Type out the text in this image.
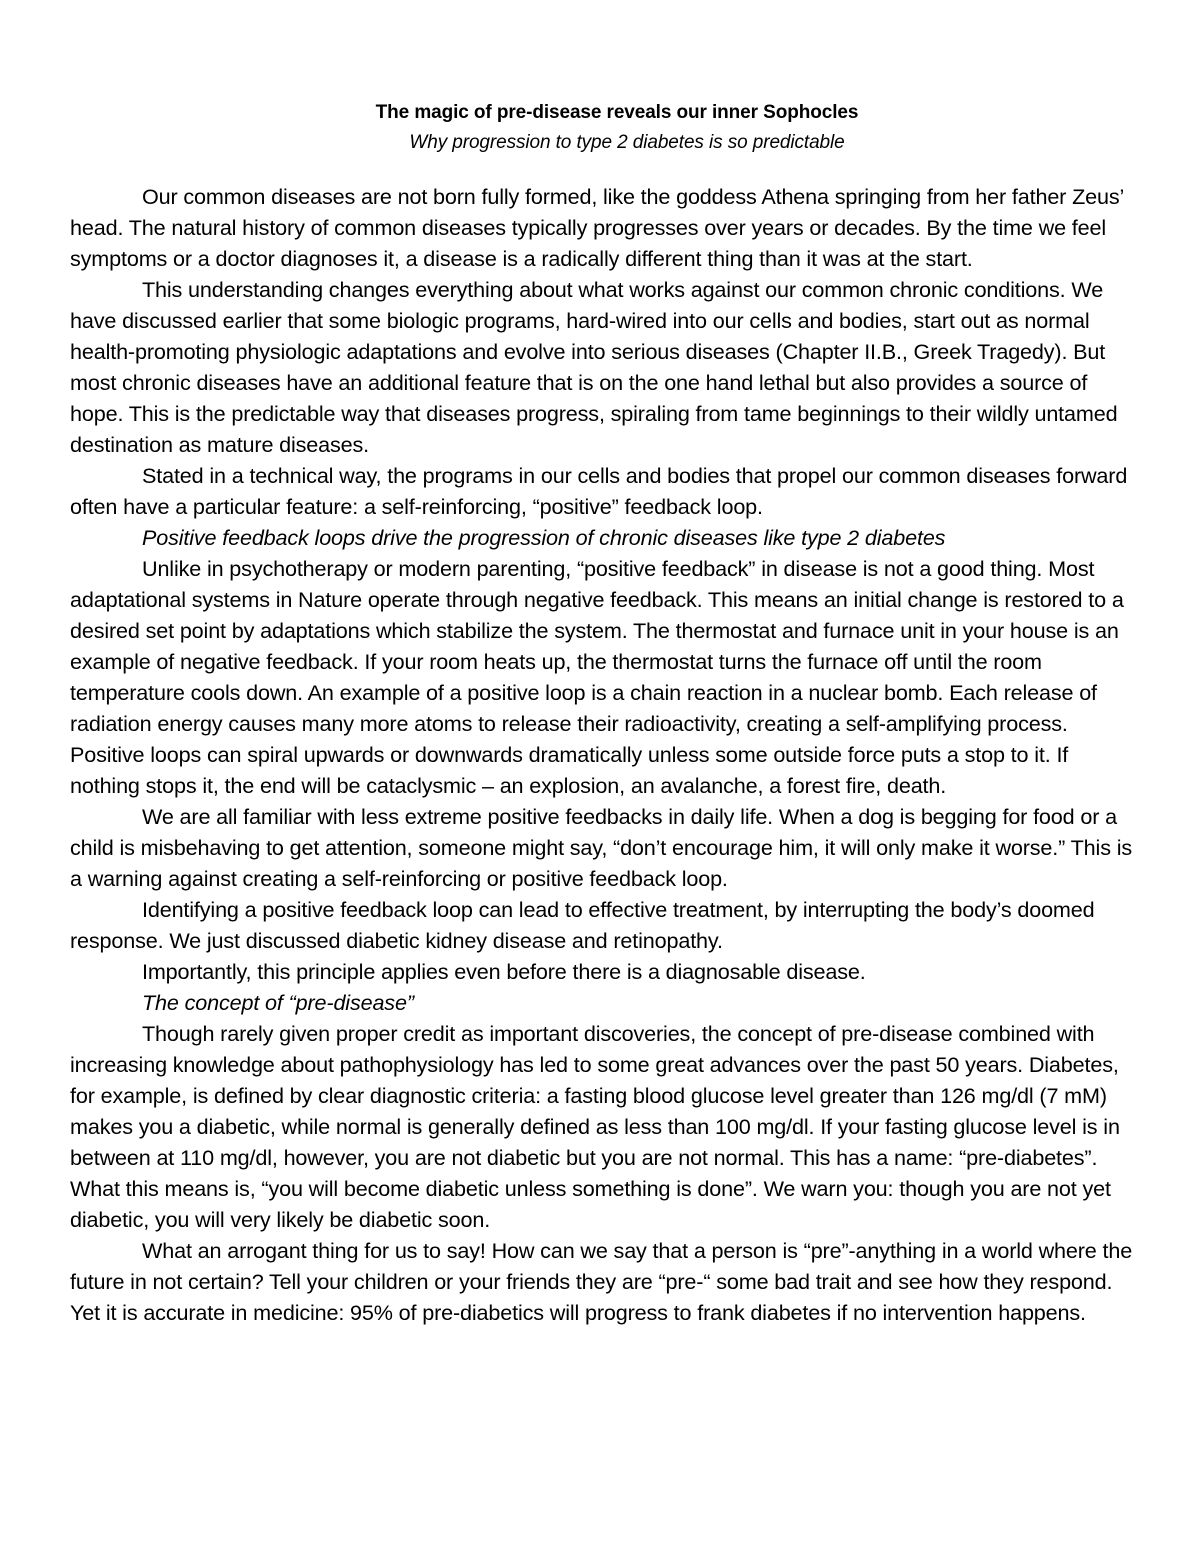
The magic of pre-disease reveals our inner Sophocles
Why progression to type 2 diabetes is so predictable

Our common diseases are not born fully formed, like the goddess Athena springing from her father Zeus’ head. The natural history of common diseases typically progresses over years or decades. By the time we feel symptoms or a doctor diagnoses it, a disease is a radically different thing than it was at the start.

This understanding changes everything about what works against our common chronic conditions. We have discussed earlier that some biologic programs, hard-wired into our cells and bodies, start out as normal health-promoting physiologic adaptations and evolve into serious diseases (Chapter II.B., Greek Tragedy). But most chronic diseases have an additional feature that is on the one hand lethal but also provides a source of hope. This is the predictable way that diseases progress, spiraling from tame beginnings to their wildly untamed destination as mature diseases.

Stated in a technical way, the programs in our cells and bodies that propel our common diseases forward often have a particular feature: a self-reinforcing, “positive” feedback loop.

Positive feedback loops drive the progression of chronic diseases like type 2 diabetes

Unlike in psychotherapy or modern parenting, “positive feedback” in disease is not a good thing. Most adaptational systems in Nature operate through negative feedback. This means an initial change is restored to a desired set point by adaptations which stabilize the system. The thermostat and furnace unit in your house is an example of negative feedback. If your room heats up, the thermostat turns the furnace off until the room temperature cools down. An example of a positive loop is a chain reaction in a nuclear bomb. Each release of radiation energy causes many more atoms to release their radioactivity, creating a self-amplifying process. Positive loops can spiral upwards or downwards dramatically unless some outside force puts a stop to it. If nothing stops it, the end will be cataclysmic – an explosion, an avalanche, a forest fire, death.

We are all familiar with less extreme positive feedbacks in daily life. When a dog is begging for food or a child is misbehaving to get attention, someone might say, “don’t encourage him, it will only make it worse.” This is a warning against creating a self-reinforcing or positive feedback loop.

Identifying a positive feedback loop can lead to effective treatment, by interrupting the body’s doomed response. We just discussed diabetic kidney disease and retinopathy.

Importantly, this principle applies even before there is a diagnosable disease.

The concept of “pre-disease”

Though rarely given proper credit as important discoveries, the concept of pre-disease combined with increasing knowledge about pathophysiology has led to some great advances over the past 50 years. Diabetes, for example, is defined by clear diagnostic criteria: a fasting blood glucose level greater than 126 mg/dl (7 mM) makes you a diabetic, while normal is generally defined as less than 100 mg/dl. If your fasting glucose level is in between at 110 mg/dl, however, you are not diabetic but you are not normal. This has a name: “pre-diabetes”. What this means is, “you will become diabetic unless something is done”. We warn you: though you are not yet diabetic, you will very likely be diabetic soon.

What an arrogant thing for us to say! How can we say that a person is “pre”-anything in a world where the future in not certain? Tell your children or your friends they are “pre-“ some bad trait and see how they respond. Yet it is accurate in medicine: 95% of pre-diabetics will progress to frank diabetes if no intervention happens.
